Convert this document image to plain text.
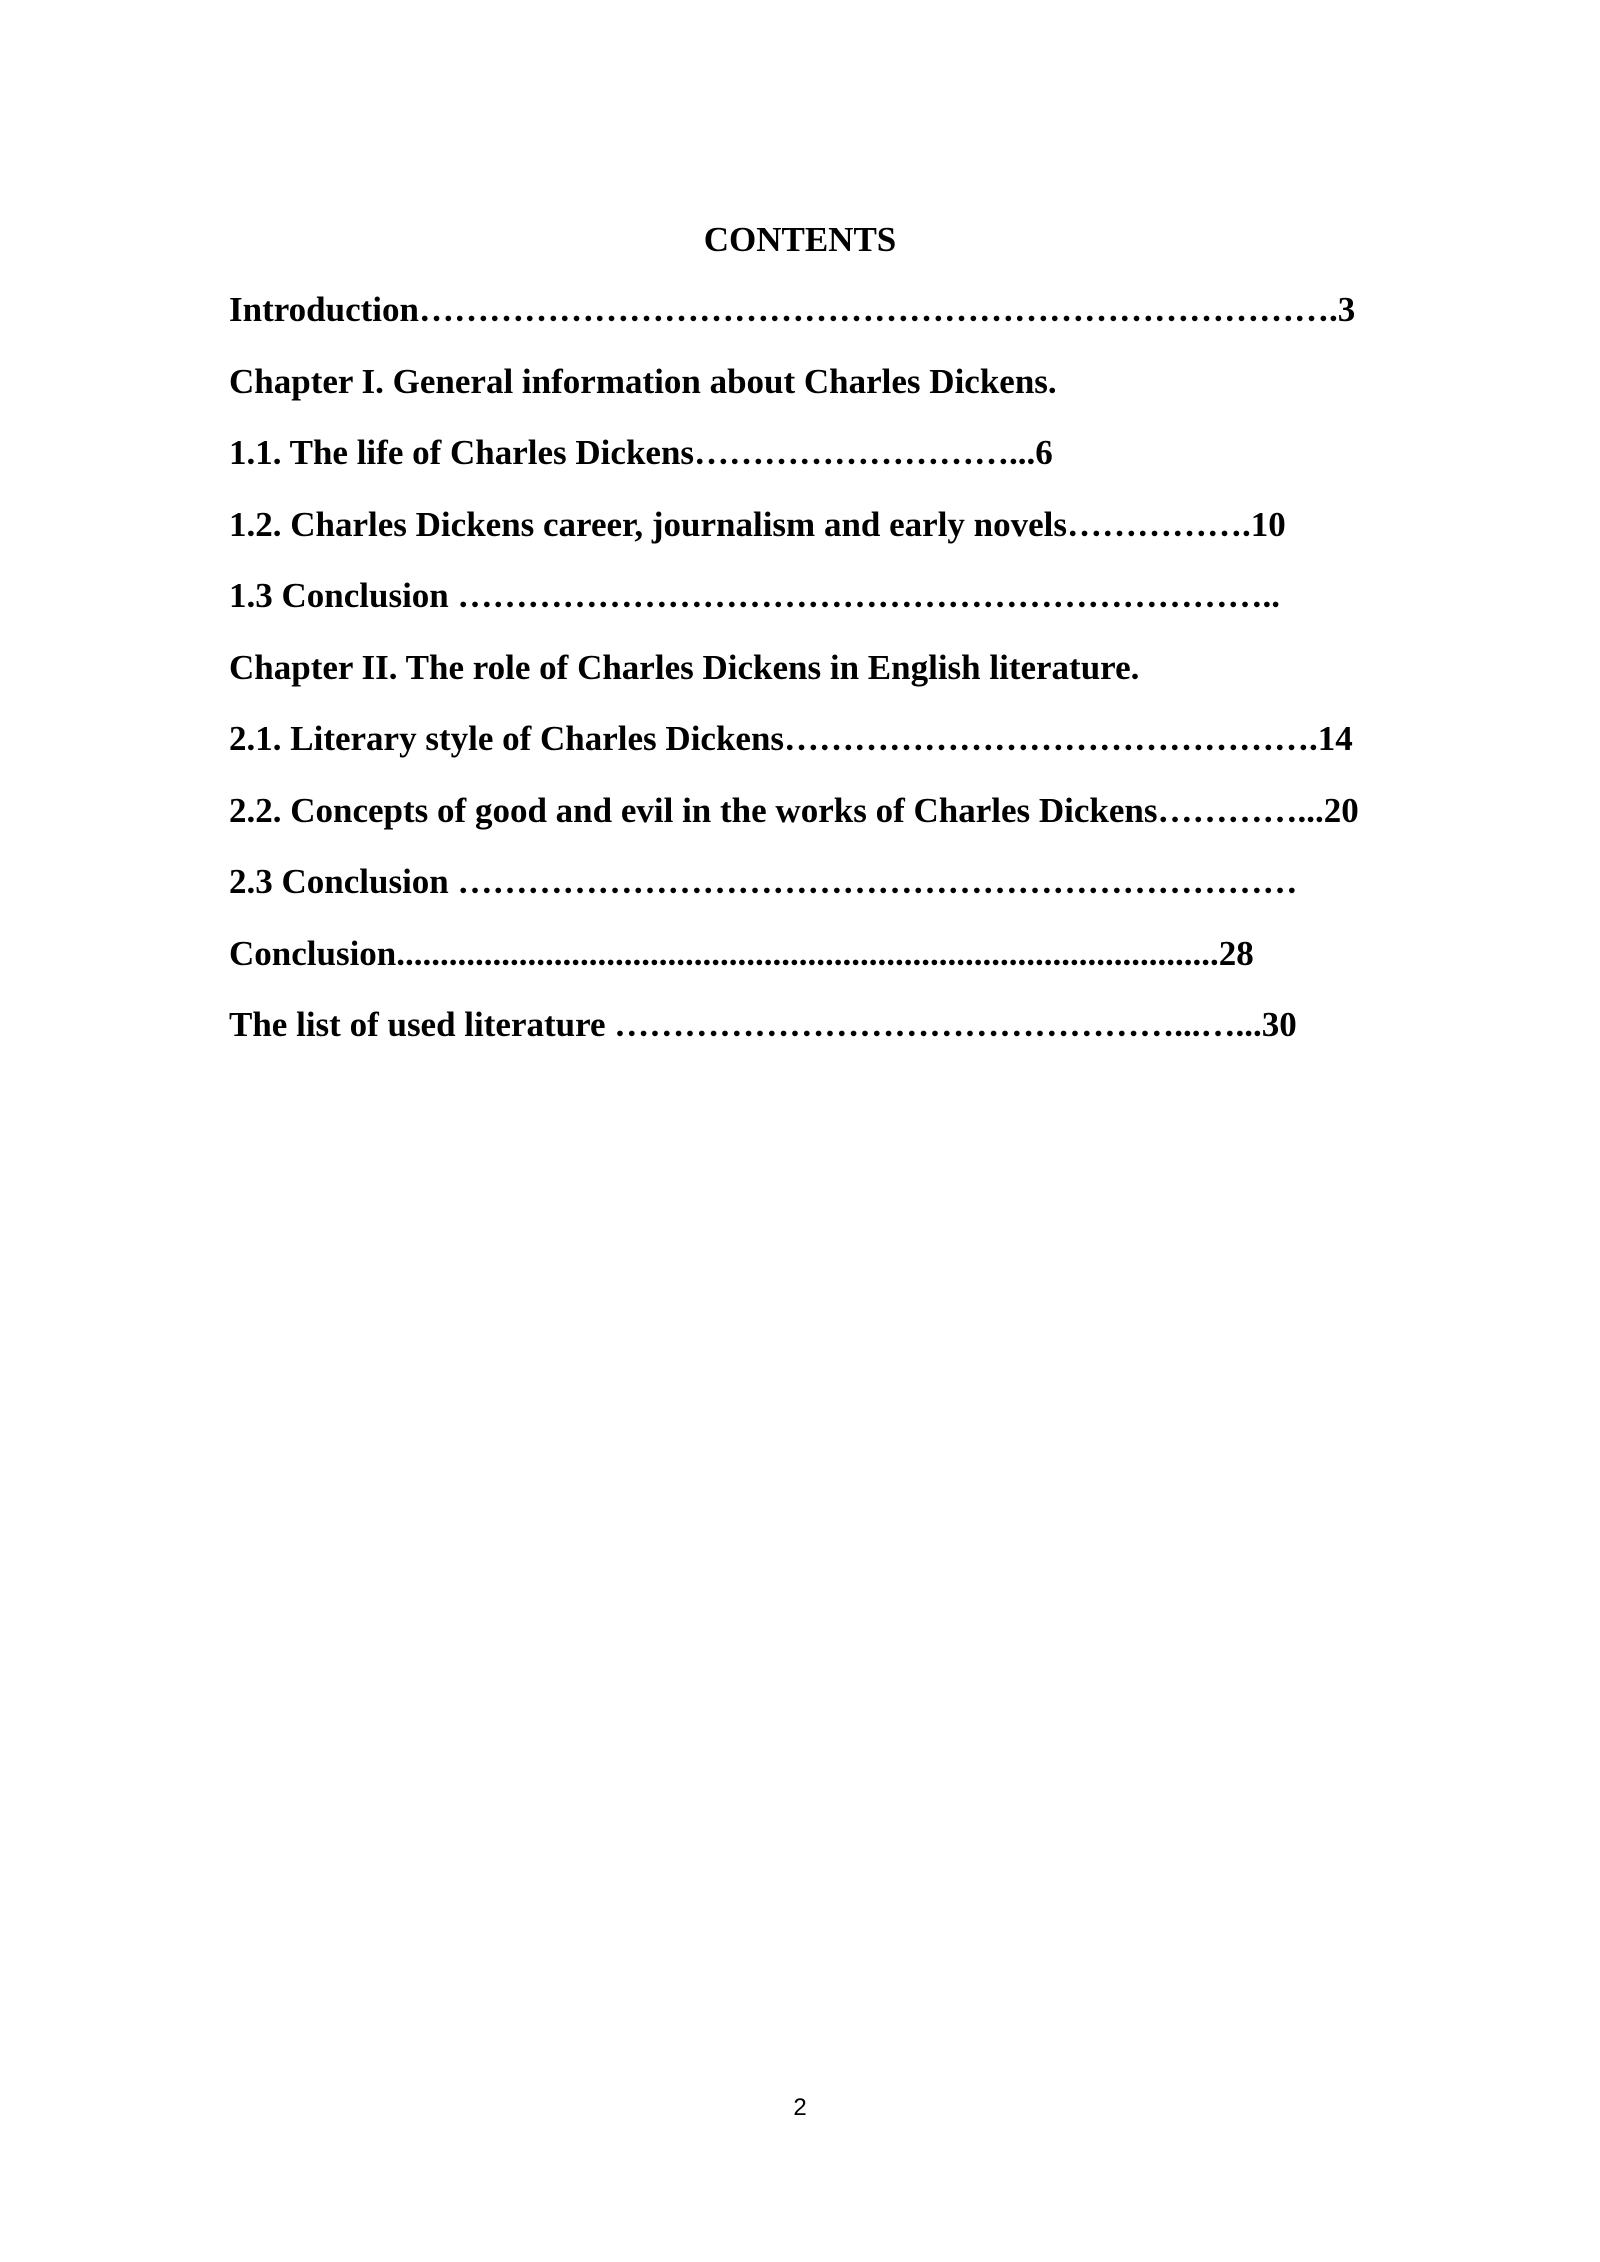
CONTENTS
Introduction…………………………………………………………………….3
Chapter I. General information about Charles Dickens.
1.1. The life of Charles Dickens………………………...6
1.2. Charles Dickens career, journalism and early novels…………….10
1.3 Conclusion ……………………………………………………………..
Chapter II. The role of Charles Dickens in English literature.
2.1. Literary style of Charles Dickens……………………………………….14
2.2. Concepts of good and evil in the works of Charles Dickens…………...20
2.3 Conclusion ………………………………………………………………
Conclusion..............................................................................................28
The list of used literature …………………………………………...…...30
2
